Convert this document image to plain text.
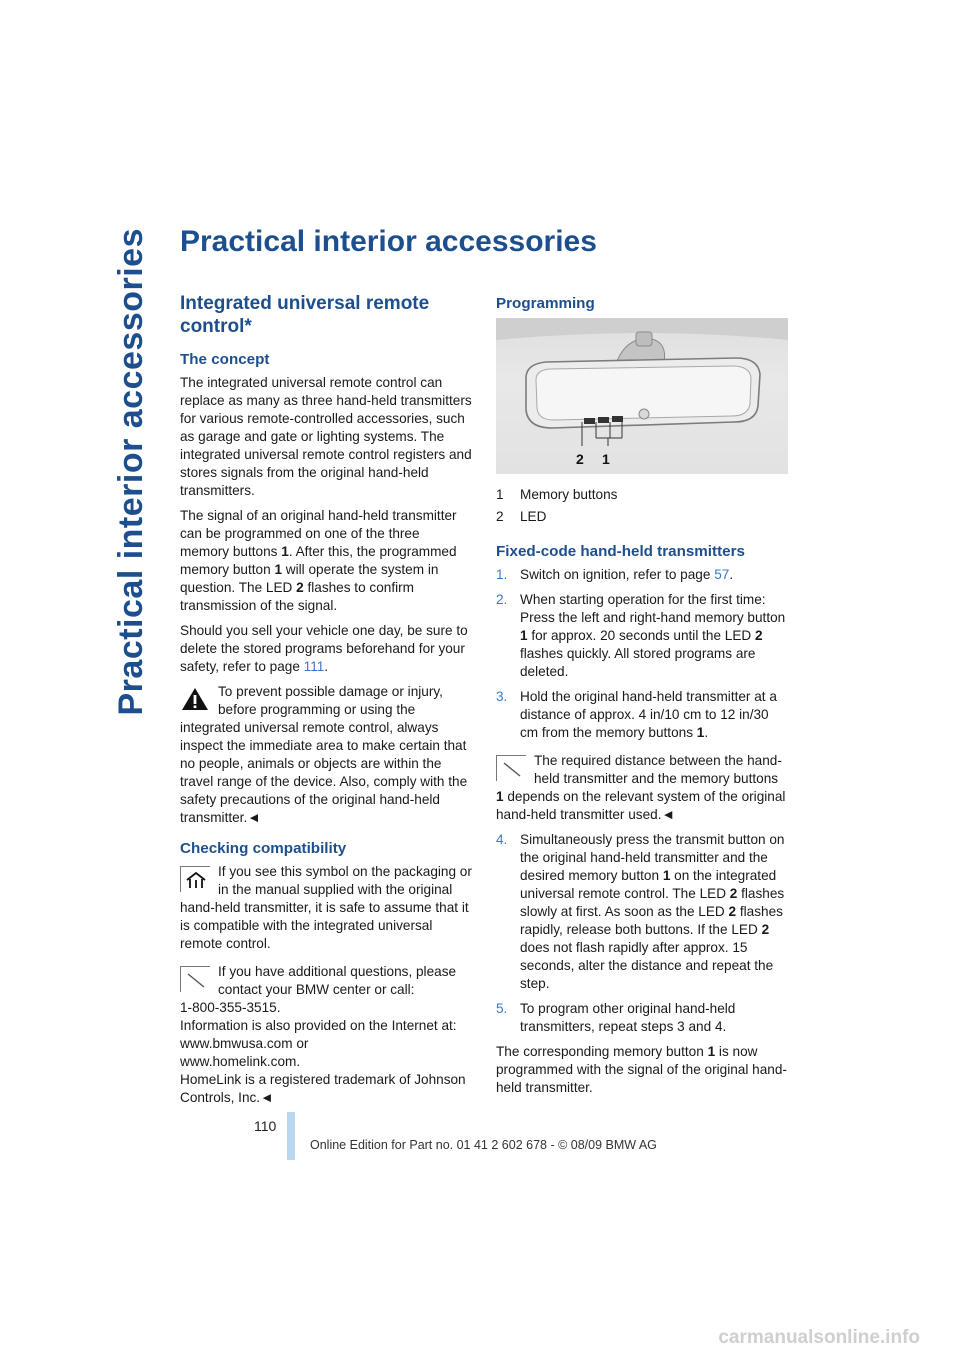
Practical interior accessories Practical interior accessories
Integrated universal remote control*
The concept

The integrated universal remote control can replace as many as three hand-held transmitters for various remote-controlled accessories, such as garage and gate or lighting systems. The integrated universal remote control registers and stores signals from the original hand-held transmitters.

The signal of an original hand-held transmitter can be programmed on one of the three memory buttons 1. After this, the programmed memory button 1 will operate the system in question. The LED 2 flashes to confirm transmission of the signal.

Should you sell your vehicle one day, be sure to delete the stored programs beforehand for your safety, refer to page 111.

To prevent possible damage or injury, before programming or using the integrated universal remote control, always inspect the immediate area to make certain that no people, animals or objects are within the travel range of the device. Also, comply with the safety precautions of the original hand-held transmitter.◄
Checking compatibility
If you see this symbol on the packaging or in the manual supplied with the original hand-held transmitter, it is safe to assume that it is compatible with the integrated universal remote control.
If you have additional questions, please contact your BMW center or call:
1-800-355-3515.
Information is also provided on the Internet at:
www.bmwusa.com or
www.homelink.com.
HomeLink is a registered trademark of Johnson Controls, Inc.◄
Programming
2 1
1	Memory buttons
2	LED
Fixed-code hand-held transmitters
1. Switch on ignition, refer to page 57.
2. When starting operation for the first time: Press the left and right-hand memory button 1 for approx. 20 seconds until the LED 2 flashes quickly. All stored programs are deleted.
3. Hold the original hand-held transmitter at a distance of approx. 4 in/10 cm to 12 in/30 cm from the memory buttons 1.
The required distance between the hand-held transmitter and the memory buttons 1 depends on the relevant system of the original hand-held transmitter used.◄
4. Simultaneously press the transmit button on the original hand-held transmitter and the desired memory button 1 on the integrated universal remote control. The LED 2 flashes slowly at first. As soon as the LED 2 flashes rapidly, release both buttons. If the LED 2 does not flash rapidly after approx. 15 seconds, alter the distance and repeat the step.
5. To program other original hand-held transmitters, repeat steps 3 and 4.

The corresponding memory button 1 is now programmed with the signal of the original hand-held transmitter.

110
Online Edition for Part no. 01 41 2 602 678 - © 08/09 BMW AG
carmanualsonline.info
